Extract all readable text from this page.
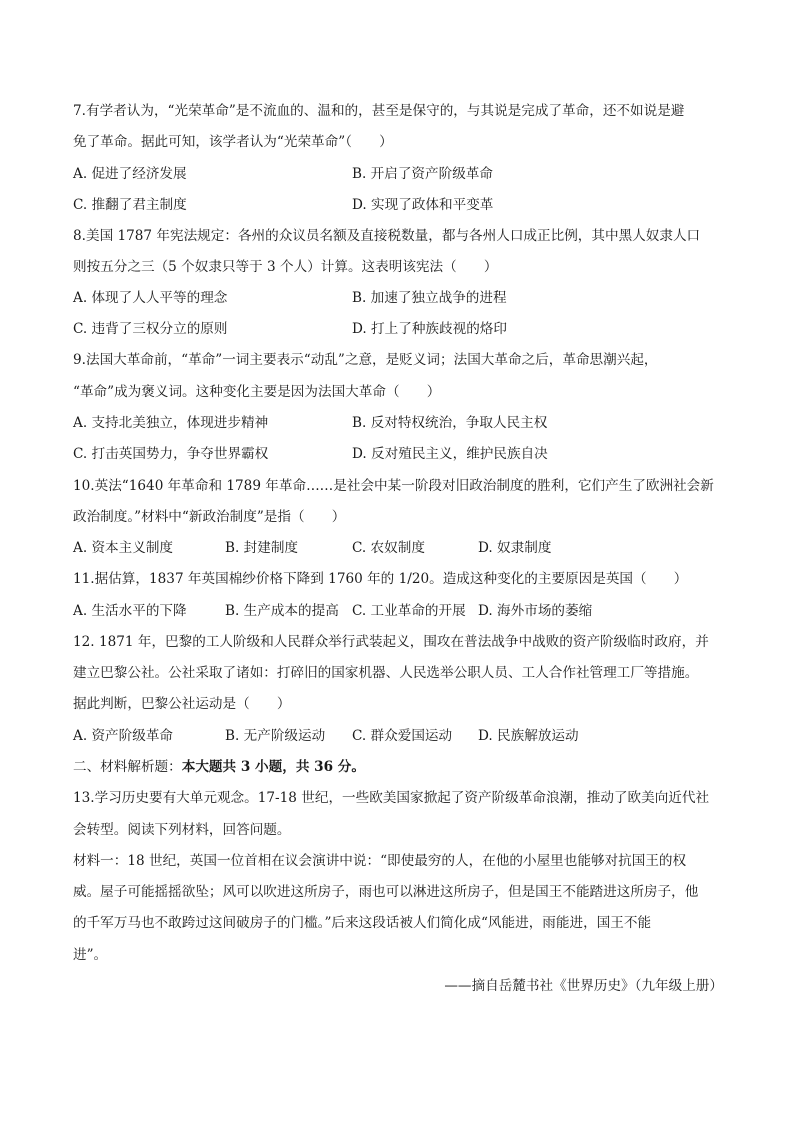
7.有学者认为，“光荣革命”是不流血的、温和的，甚至是保守的，与其说是完成了革命，还不如说是避
免了革命。据此可知，该学者认为“光荣革命”（　　）
A. 促进了经济发展	B. 开启了资产阶级革命
C. 推翻了君主制度	D. 实现了政体和平变革
8.美国 1787 年宪法规定：各州的众议员名额及直接税数量，都与各州人口成正比例，其中黑人奴隶人口
则按五分之三（5 个奴隶只等于 3 个人）计算。这表明该宪法（　　）
A. 体现了人人平等的理念	B. 加速了独立战争的进程
C. 违背了三权分立的原则	D. 打上了种族歧视的烙印
9.法国大革命前，“革命”一词主要表示“动乱”之意，是贬义词；法国大革命之后，革命思潮兴起，
“革命”成为褒义词。这种变化主要是因为法国大革命（　　）
A. 支持北美独立，体现进步精神	B. 反对特权统治，争取人民主权
C. 打击英国势力，争夺世界霸权	D. 反对殖民主义，维护民族自决
10.英法“1640 年革命和 1789 年革命……是社会中某一阶段对旧政治制度的胜利，它们产生了欧洲社会新
政治制度。”材料中“新政治制度”是指（　　）
A. 资本主义制度	B. 封建制度	C. 农奴制度	D. 奴隶制度
11.据估算，1837 年英国棉纱价格下降到 1760 年的 1/20。造成这种变化的主要原因是英国（　　）
A. 生活水平的下降	B. 生产成本的提高 C. 工业革命的开展 D. 海外市场的萎缩
12. 1871 年，巴黎的工人阶级和人民群众举行武装起义，围攻在普法战争中战败的资产阶级临时政府，并
建立巴黎公社。公社采取了诸如：打碎旧的国家机器、人民选举公职人员、工人合作社管理工厂等措施。
据此判断，巴黎公社运动是（　　）
A. 资产阶级革命	B. 无产阶级运动 C. 群众爱国运动 D. 民族解放运动
二、材料解析题：本大题共 3 小题，共 36 分。
13.学习历史要有大单元观念。17-18 世纪，一些欧美国家掀起了资产阶级革命浪潮，推动了欧美向近代社
会转型。阅读下列材料，回答问题。
材料一：18 世纪，英国一位首相在议会演讲中说：“即使最穷的人，在他的小屋里也能够对抗国王的权
威。屋子可能摇摇欲坠；风可以吹进这所房子，雨也可以淋进这所房子，但是国王不能踏进这所房子，他
的千军万马也不敢跨过这间破房子的门槛。”后来这段话被人们简化成“风能进，雨能进，国王不能
进”。
——摘自岳麓书社《世界历史》（九年级上册）
